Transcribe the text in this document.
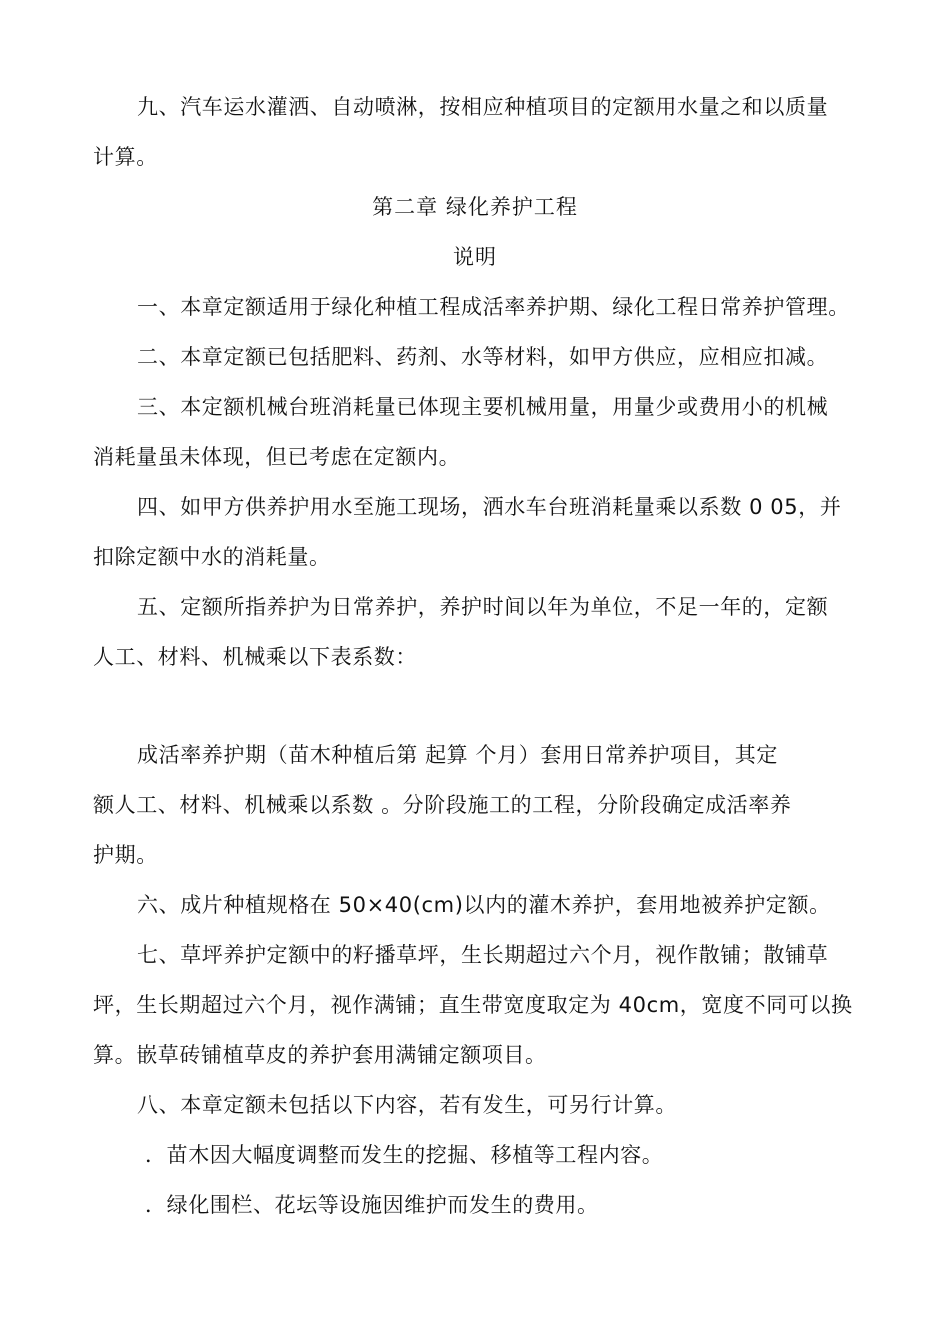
九、汽车运水灌洒、自动喷淋，按相应种植项目的定额用水量之和以质量
计算。
第二章 绿化养护工程
说明
一、本章定额适用于绿化种植工程成活率养护期、绿化工程日常养护管理。
二、本章定额已包括肥料、药剂、水等材料，如甲方供应，应相应扣减。
三、本定额机械台班消耗量已体现主要机械用量，用量少或费用小的机械
消耗量虽未体现，但已考虑在定额内。
四、如甲方供养护用水至施工现场，洒水车台班消耗量乘以系数 0 05，并
扣除定额中水的消耗量。
五、定额所指养护为日常养护，养护时间以年为单位，不足一年的，定额
人工、材料、机械乘以下表系数：
成活率养护期（苗木种植后第 起算 个月）套用日常养护项目，其定
额人工、材料、机械乘以系数 。分阶段施工的工程，分阶段确定成活率养
护期。
六、成片种植规格在 50×40(cm)以内的灌木养护，套用地被养护定额。
七、草坪养护定额中的籽播草坪，生长期超过六个月，视作散铺；散铺草
坪，生长期超过六个月，视作满铺；直生带宽度取定为 40cm，宽度不同可以换
算。嵌草砖铺植草皮的养护套用满铺定额项目。
八、本章定额未包括以下内容，若有发生，可另行计算。
．苗木因大幅度调整而发生的挖掘、移植等工程内容。
．绿化围栏、花坛等设施因维护而发生的费用。
